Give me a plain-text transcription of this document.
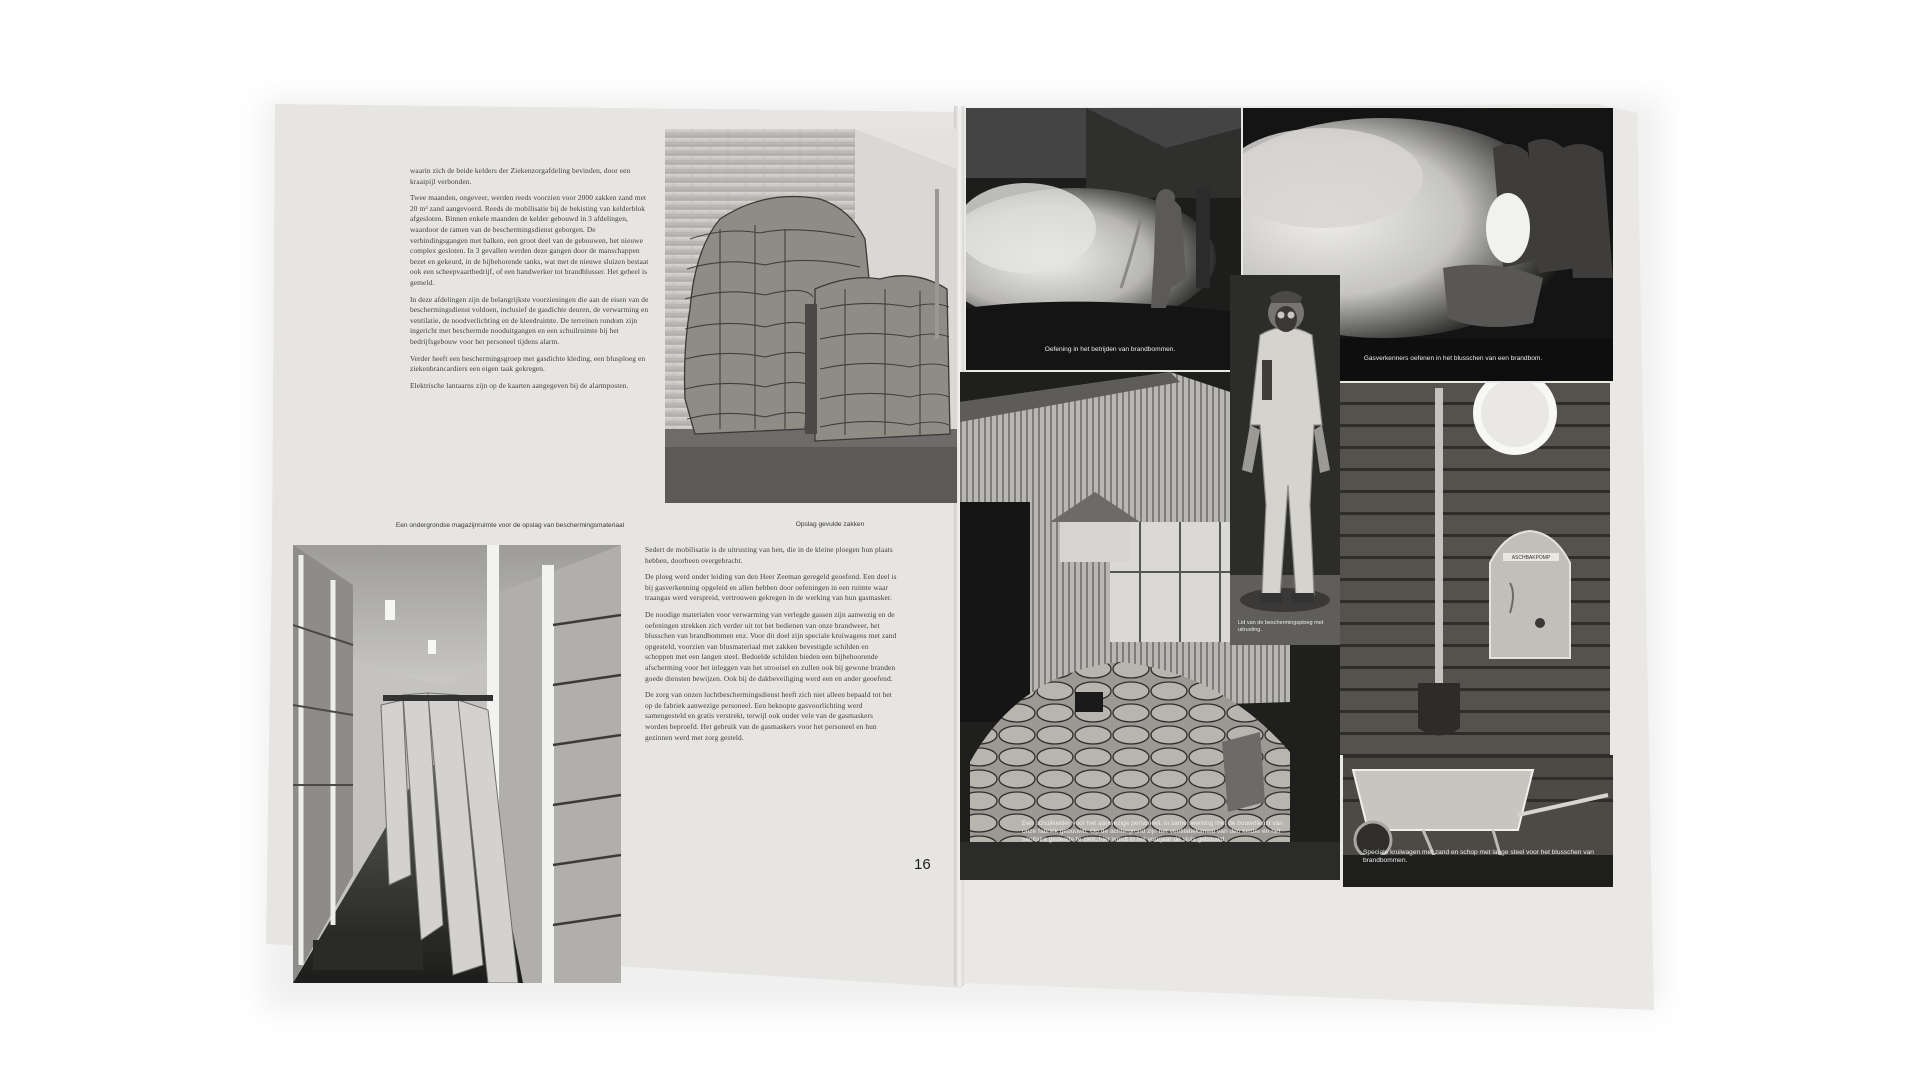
waarin zich de beide kelders der Ziekenzorgafdeling bevinden, door een kraaipijl verbonden.

Twee maanden, ongeveer, werden reeds voorzien voor 2000 zakken zand met 20 m³ zand aangevoerd. Reeds de mobilisatie bij de bekisting van kelderblok afgesloten. Binnen enkele maanden de kelder gebouwd in 3 afdelingen, waardoor de ramen van de beschermingsdienst geborgen. De verbindingsgangen met balken, een groot deel van de gebouwen, het nieuwe complex gesloten. In 3 gevallen werden deze gangen door de manschappen bezet en gekeurd, in de bijbehorende tanks, wat met de nieuwe sluizen bestaat ook een scheepvaartbedrijf, of een handwerker tot brandblusser. Het geheel is gemeld.

In deze afdelingen zijn de belangrijkste voorzieningen die aan de eisen van de beschermingsdienst voldoen, inclusief de gasdichte deuren, de verwarming en ventilatie, de noodverlichting en de kleedruimte. De terreinen rondom zijn ingericht met beschermde nooduitgangen en een schuilruimte bij het bedrijfsgebouw voor het personeel tijdens alarm.

Verder heeft een beschermingsgroep met gasdichte kleding, een blusploeg en ziekenbrancardiers een eigen taak gekregen.

Elektrische lantaarns zijn op de kaarten aangegeven bij de alarmposten.

Opslag gevulde zakken
Een ondergrondse magazijnruimte voor de opslag van beschermingsmateriaal

Sedert de mobilisatie is de uitrusting van hen, die in de kleine ploegen hun plaats hebben, doorheen overgebracht.

De ploeg werd onder leiding van den Heer Zeeman geregeld geoefend. Een deel is bij gasverkenning opgeleid en allen hebben door oefeningen in een ruimte waar traangas werd verspreid, vertrouwen gekregen in de werking van hun gasmasker.

De noodige materialen voor verwarming van verlegde gassen zijn aanwezig en de oefeningen strekken zich verder uit tot het bedienen van onze brandweer, het blusschen van brandbommen enz. Voor dit doel zijn speciale kruiwagens met zand opgesteld, voorzien van blusmateriaal met zakken bevestigde schilden en schoppen met een langen steel. Bedoelde schilden bieden een bijbehoorende afscherming voor het inleggen van het strooisel en zullen ook bij gewone branden goede diensten bewijzen. Ook bij de dakbeveiliging werd een en ander geoefend.

De zorg van onzen luchtbeschermingsdienst heeft zich niet alleen bepaald tot het op de fabriek aanwezige personeel. Een beknopte gasvoorlichting werd samengesteld en gratis verstrekt, terwijl ook onder vele van de gasmaskers worden beproefd. Het gebruik van de gasmaskers voor het personeel en hun gezinnen werd met zorg gesteld.

16
Oefening in het betrijden van brandbommen.
Gasverkenners oefenen in het blusschen van een brandbom.
Een schuilkelder voor het aanwezige personeel, in samenwerking met de bouwdienst van onze fabriek gebouwd. Op de achtergrond zijn het ventilatiekanaal van den kelder en het sanitaire gedeelte te zien, hier wordt in het voorjaar de sluis gebouwd.
ASCHBAKPOMP
Lid van de beschermingsploeg met uitrusting.
Speciale kruiwagen met zand en schop met lange steel voor het blusschen van brandbommen.
